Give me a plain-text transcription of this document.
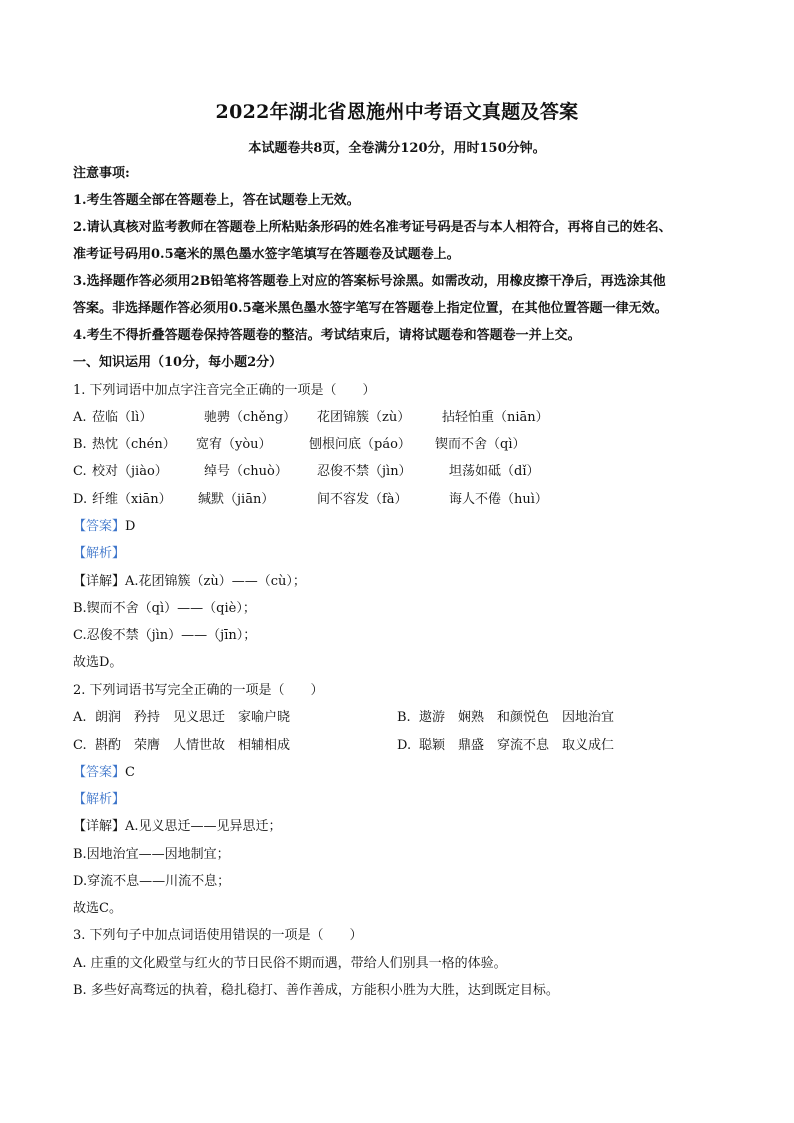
2022年湖北省恩施州中考语文真题及答案
本试题卷共8页，全卷满分120分，用时150分钟。
注意事项:
1.考生答题全部在答题卷上，答在试题卷上无效。
2.请认真核对监考教师在答题卷上所粘贴条形码的姓名准考证号码是否与本人相符合，再将自己的姓名、
准考证号码用0.5毫米的黑色墨水签字笔填写在答题卷及试题卷上。
3.选择题作答必须用2B铅笔将答题卷上对应的答案标号涂黑。如需改动，用橡皮擦干净后，再选涂其他
答案。非选择题作答必须用0.5毫米黑色墨水签字笔写在答题卷上指定位置，在其他位置答题一律无效。
4.考生不得折叠答题卷保持答题卷的整洁。考试结束后，请将试题卷和答题卷一并上交。
一、知识运用（10分，每小题2分）
1. 下列词语中加点字注音完全正确的一项是（　　）
A. 莅临（lì）	驰骋（chěng） 花团锦簇（zù） 拈轻怕重（niān）
B. 热忱（chén） 宽宥（yòu）	刨根问底（páo） 锲而不舍（qì）
C. 校对（jiào）	绰号（chuò） 忍俊不禁（jìn）	坦荡如砥（dǐ）
D. 纤维（xiān） 缄默（jiān）	间不容发（fà）	诲人不倦（huì）
【答案】D
【解析】
【详解】A.花团锦簇（zù）——（cù）；
B.锲而不舍（qì）——（qiè）；
C.忍俊不禁（jìn）——（jīn）；
故选D。
2. 下列词语书写完全正确的一项是（　　）
A. 朗润　矜持　见义思迁　家喻户晓	B. 遨游　娴熟　和颜悦色　因地治宜
C. 斟酌　荣膺　人情世故　相辅相成	D. 聪颖　鼎盛　穿流不息　取义成仁
【答案】C
【解析】
【详解】A.见义思迁——见异思迁；
B.因地治宜——因地制宜；
D.穿流不息——川流不息；
故选C。
3. 下列句子中加点词语使用错误的一项是（　　）
A. 庄重的文化殿堂与红火的节日民俗不期而遇，带给人们别具一格的体验。
B. 多些好高骛远的执着，稳扎稳打、善作善成，方能积小胜为大胜，达到既定目标。
